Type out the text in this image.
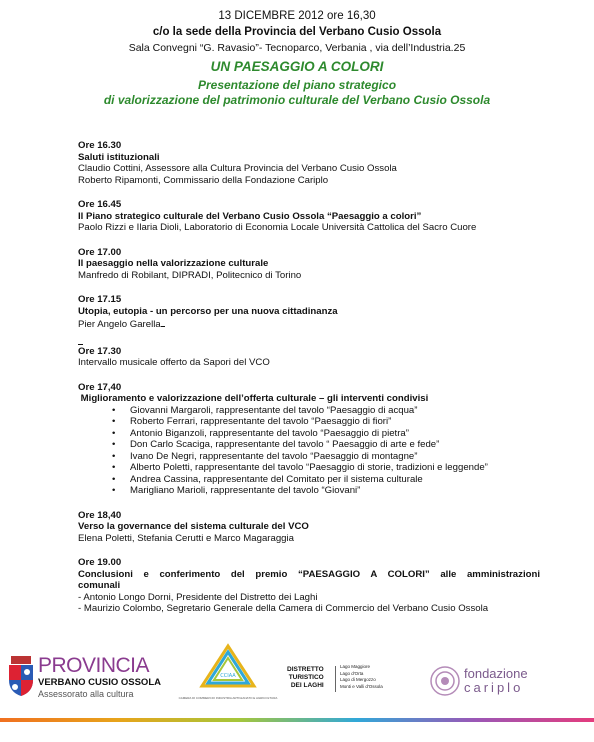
13 DICEMBRE 2012 ore 16,30
c/o la sede della Provincia del Verbano Cusio Ossola
Sala Convegni “G. Ravasio”- Tecnoparco, Verbania , via dell’Industria.25
UN PAESAGGIO A COLORI
Presentazione del piano strategico
di valorizzazione del patrimonio culturale del Verbano Cusio Ossola
Ore 16.30
Saluti istituzionali
Claudio Cottini, Assessore alla Cultura Provincia del Verbano Cusio Ossola
Roberto Ripamonti, Commissario della Fondazione Cariplo
Ore 16.45
Il Piano strategico culturale del Verbano Cusio Ossola “Paesaggio a colori”
Paolo Rizzi e Ilaria Dioli, Laboratorio di Economia Locale Università Cattolica del Sacro Cuore
Ore 17.00
Il paesaggio nella valorizzazione culturale
Manfredo di Robilant, DIPRADI, Politecnico di Torino
Ore 17.15
Utopia, eutopia - un percorso per una nuova cittadinanza
Pier Angelo Garella
Ore 17.30
Intervallo musicale offerto da Sapori del VCO
Ore 17,40
Miglioramento e valorizzazione dell’offerta culturale – gli interventi condivisi
• Giovanni Margaroli, rappresentante del tavolo “Paesaggio di acqua”
• Roberto Ferrari, rappresentante del tavolo “Paesaggio di fiori”
• Antonio Biganzoli, rappresentante del tavolo “Paesaggio di pietra”
• Don Carlo Scaciga, rappresentante del tavolo “ Paesaggio di arte e fede”
• Ivano De Negri, rappresentante del tavolo “Paesaggio di montagne”
• Alberto Poletti, rappresentante del tavolo “Paesaggio di storie, tradizioni e leggende”
• Andrea Cassina, rappresentante del Comitato per il sistema culturale
• Marigliano Marioli, rappresentante del tavolo “Giovani”
Ore 18,40
Verso la governance del sistema culturale del VCO
Elena Poletti, Stefania Cerutti e Marco Magaraggia
Ore 19.00
Conclusioni e conferimento del premio “PAESAGGIO A COLORI” alle amministrazioni
comunali
- Antonio Longo Dorni, Presidente del Distretto dei Laghi
- Maurizio Colombo, Segretario Generale della Camera di Commercio del Verbano Cusio Ossola
PROVINCIA
VERBANO CUSIO OSSOLA
Assessorato alla cultura
CCIAA
CAMERA DI COMMERCIO INDUSTRIA ARTIGIANATO E AGRICOLTURA
DISTRETTO
TURISTICO
DEI LAGHI
Lago Maggiore
Lago d'Orta
Lago di Mergozzo
Monti e Valli d'Ossola
fondazione
cariplo
